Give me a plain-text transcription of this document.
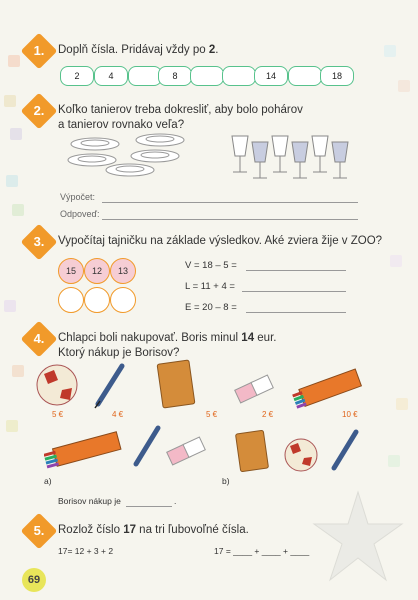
1.	Doplň čísla. Pridávaj vždy po 2.
2	4	8	14	18
2.	Koľko tanierov treba dokresliť, aby bolo pohárov
a tanierov rovnako veľa?
Výpočet:
Odpoveď:
3.	Vypočítaj tajničku na základe výsledkov. Aké zviera žije v ZOO?
15	12	13	V = 18 – 5 =
L = 11 + 4 =
E = 20 – 8 =
4.	Chlapci boli nakupovať. Boris minul 14 eur.
Ktorý nákup je Borisov?
5 €	4 €	5 €	2 €	10 €
a)	b)
Borisov nákup je	.
5.	Rozlož číslo 17 na tri ľubovoľné čísla.
17= 12 + 3 + 2	17 = ____ + ____ + ____
69
